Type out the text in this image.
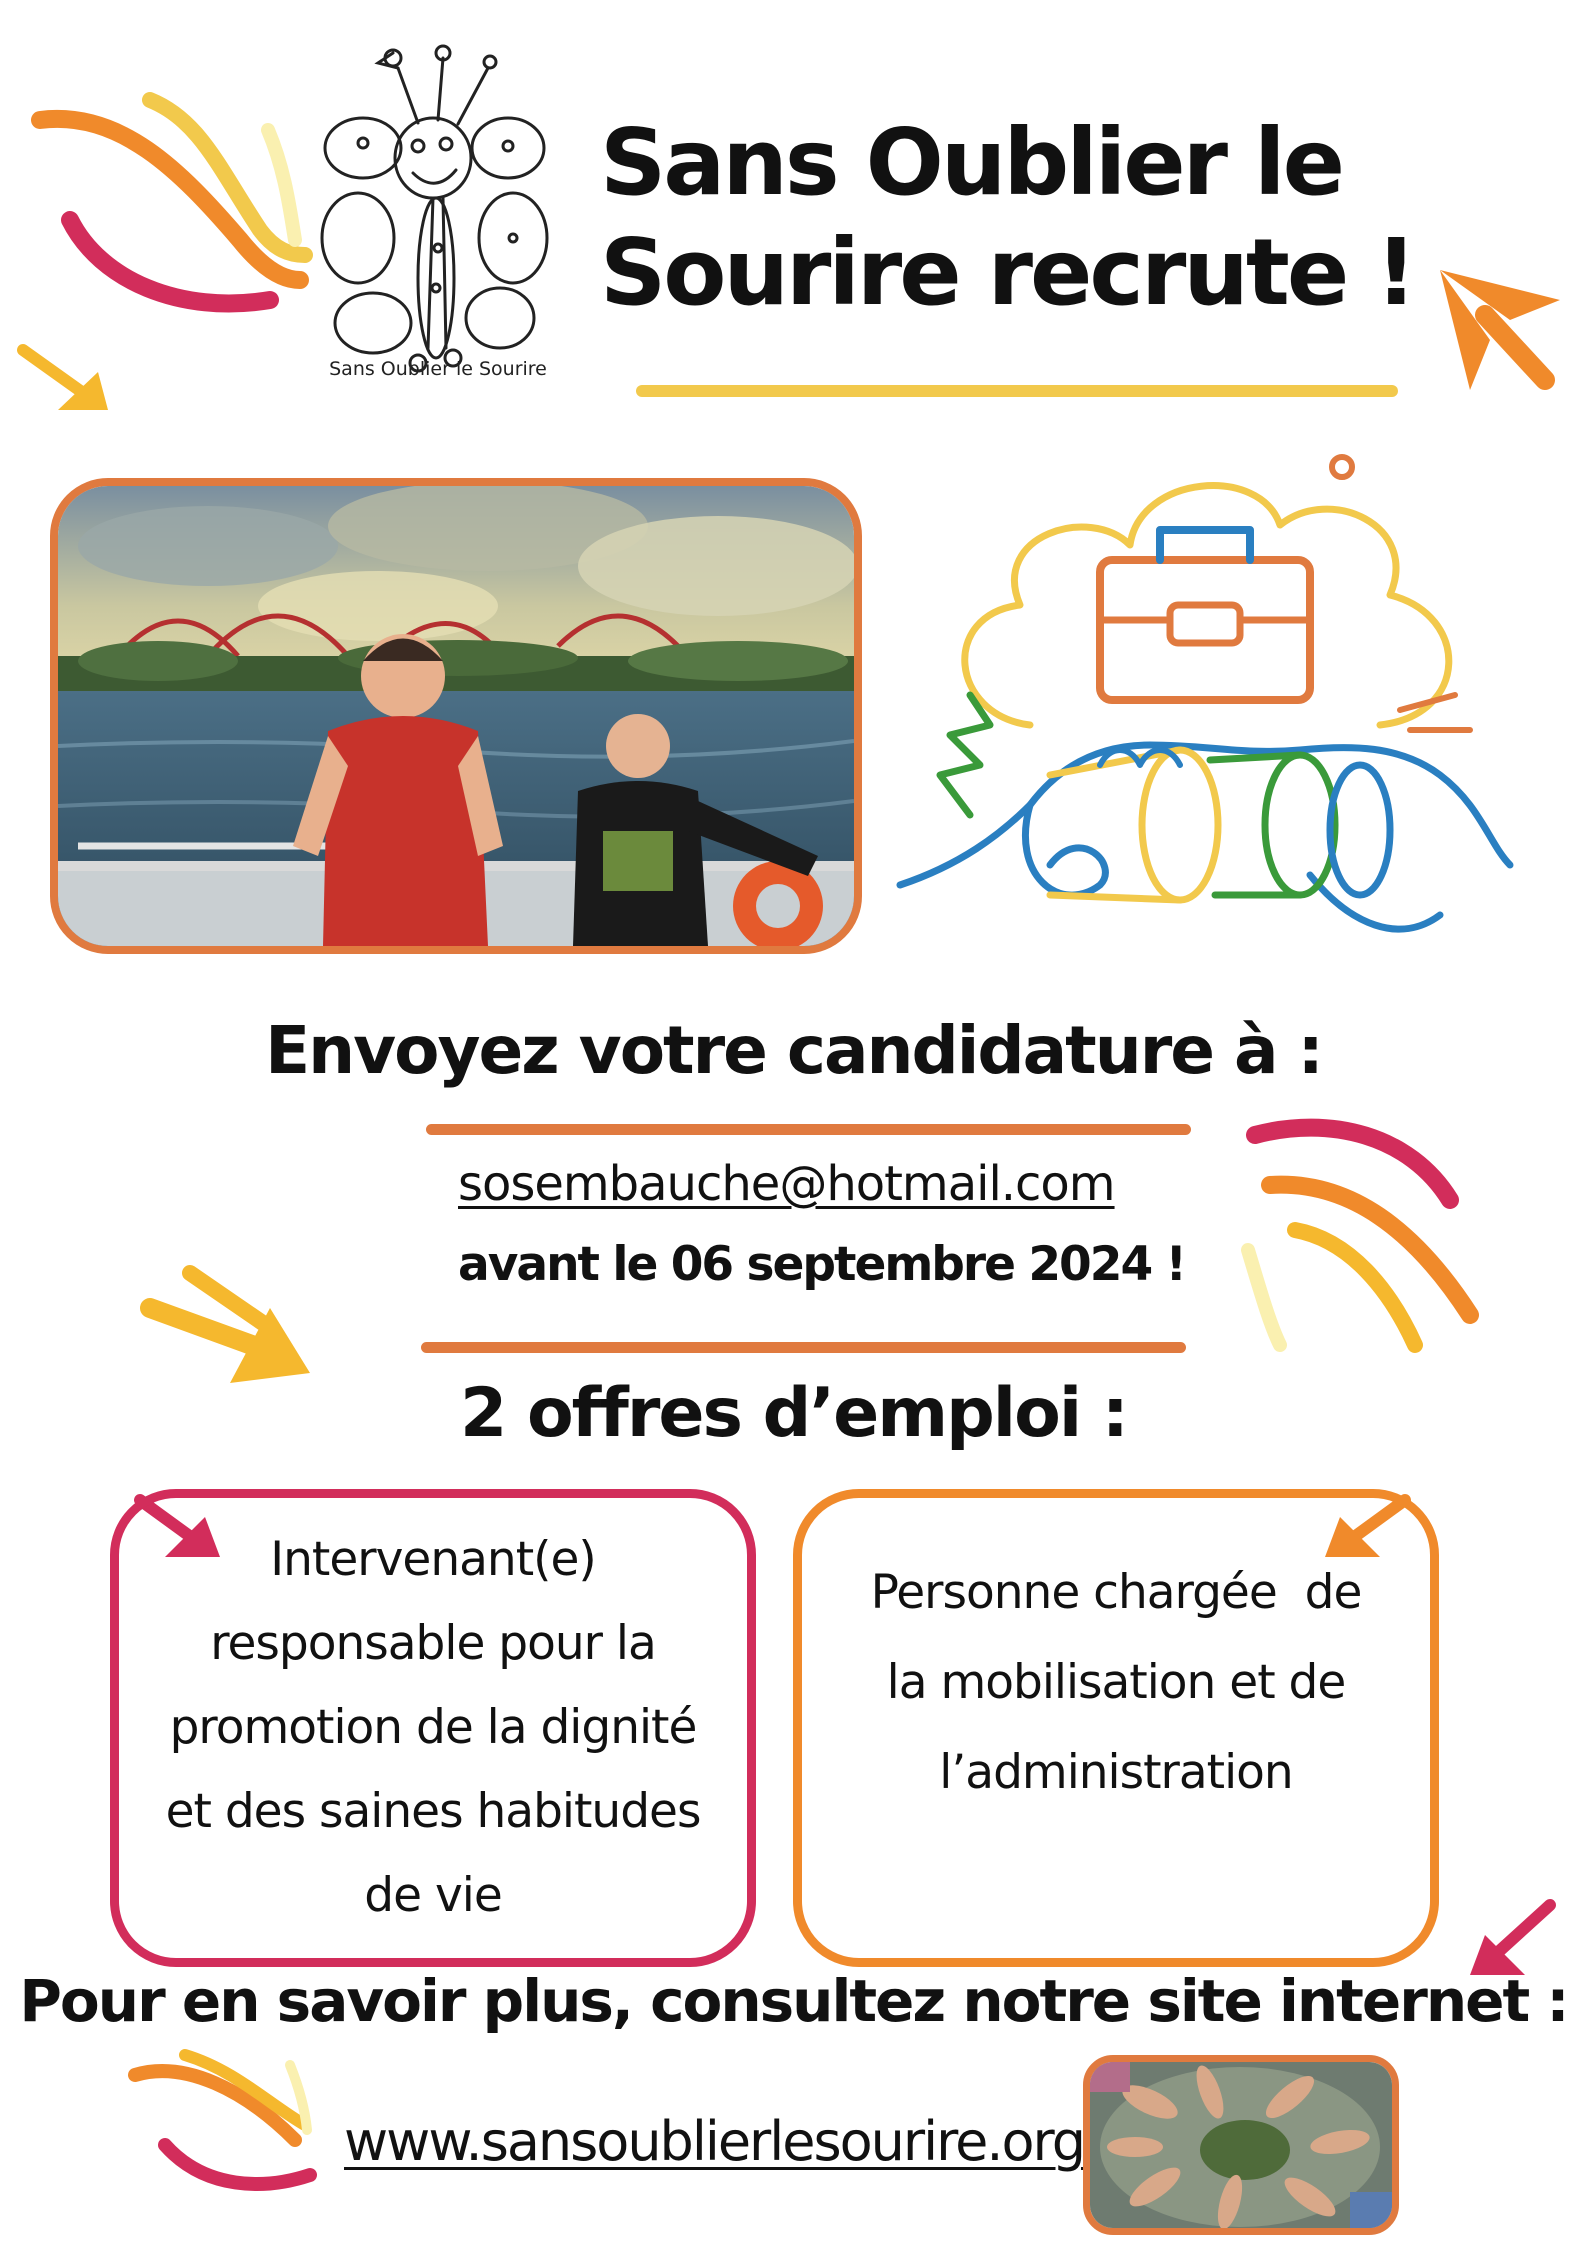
Sans Oublier le Sourire
Sans Oublier le
Sourire recrute !
Envoyez votre candidature à :
sosembauche@hotmail.com
avant le 06 septembre 2024 !
2 offres d’emploi :
Intervenant(e)
responsable pour la
promotion de la dignité
et des saines habitudes
de vie
Personne chargée  de
la mobilisation et de
l’administration
Pour en savoir plus, consultez notre site internet :
www.sansoublierlesourire.org
